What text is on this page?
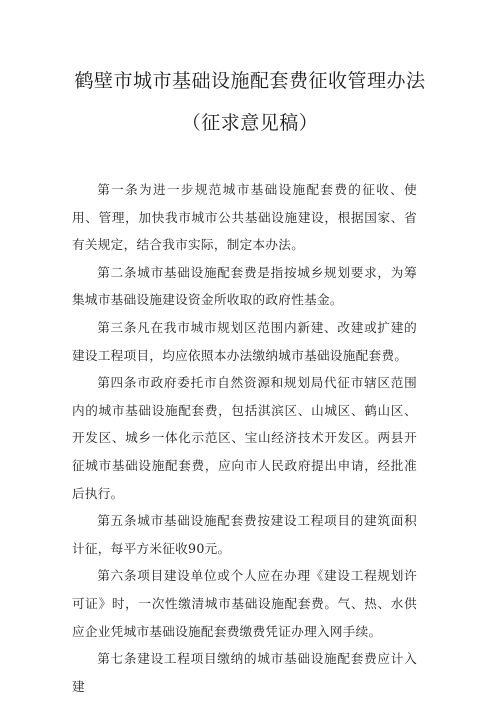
鹤壁市城市基础设施配套费征收管理办法
（征求意见稿）

第一条为进一步规范城市基础设施配套费的征收、使用、管理，加快我市城市公共基础设施建设，根据国家、省有关规定，结合我市实际，制定本办法。

第二条城市基础设施配套费是指按城乡规划要求，为筹集城市基础设施建设资金所收取的政府性基金。

第三条凡在我市城市规划区范围内新建、改建或扩建的建设工程项目，均应依照本办法缴纳城市基础设施配套费。

第四条市政府委托市自然资源和规划局代征市辖区范围内的城市基础设施配套费，包括淇滨区、山城区、鹤山区、开发区、城乡一体化示范区、宝山经济技术开发区。两县开征城市基础设施配套费，应向市人民政府提出申请，经批准后执行。

第五条城市基础设施配套费按建设工程项目的建筑面积计征，每平方米征收90元。

第六条项目建设单位或个人应在办理《建设工程规划许可证》时，一次性缴清城市基础设施配套费。气、热、水供应企业凭城市基础设施配套费缴费凭证办理入网手续。

第七条建设工程项目缴纳的城市基础设施配套费应计入建
